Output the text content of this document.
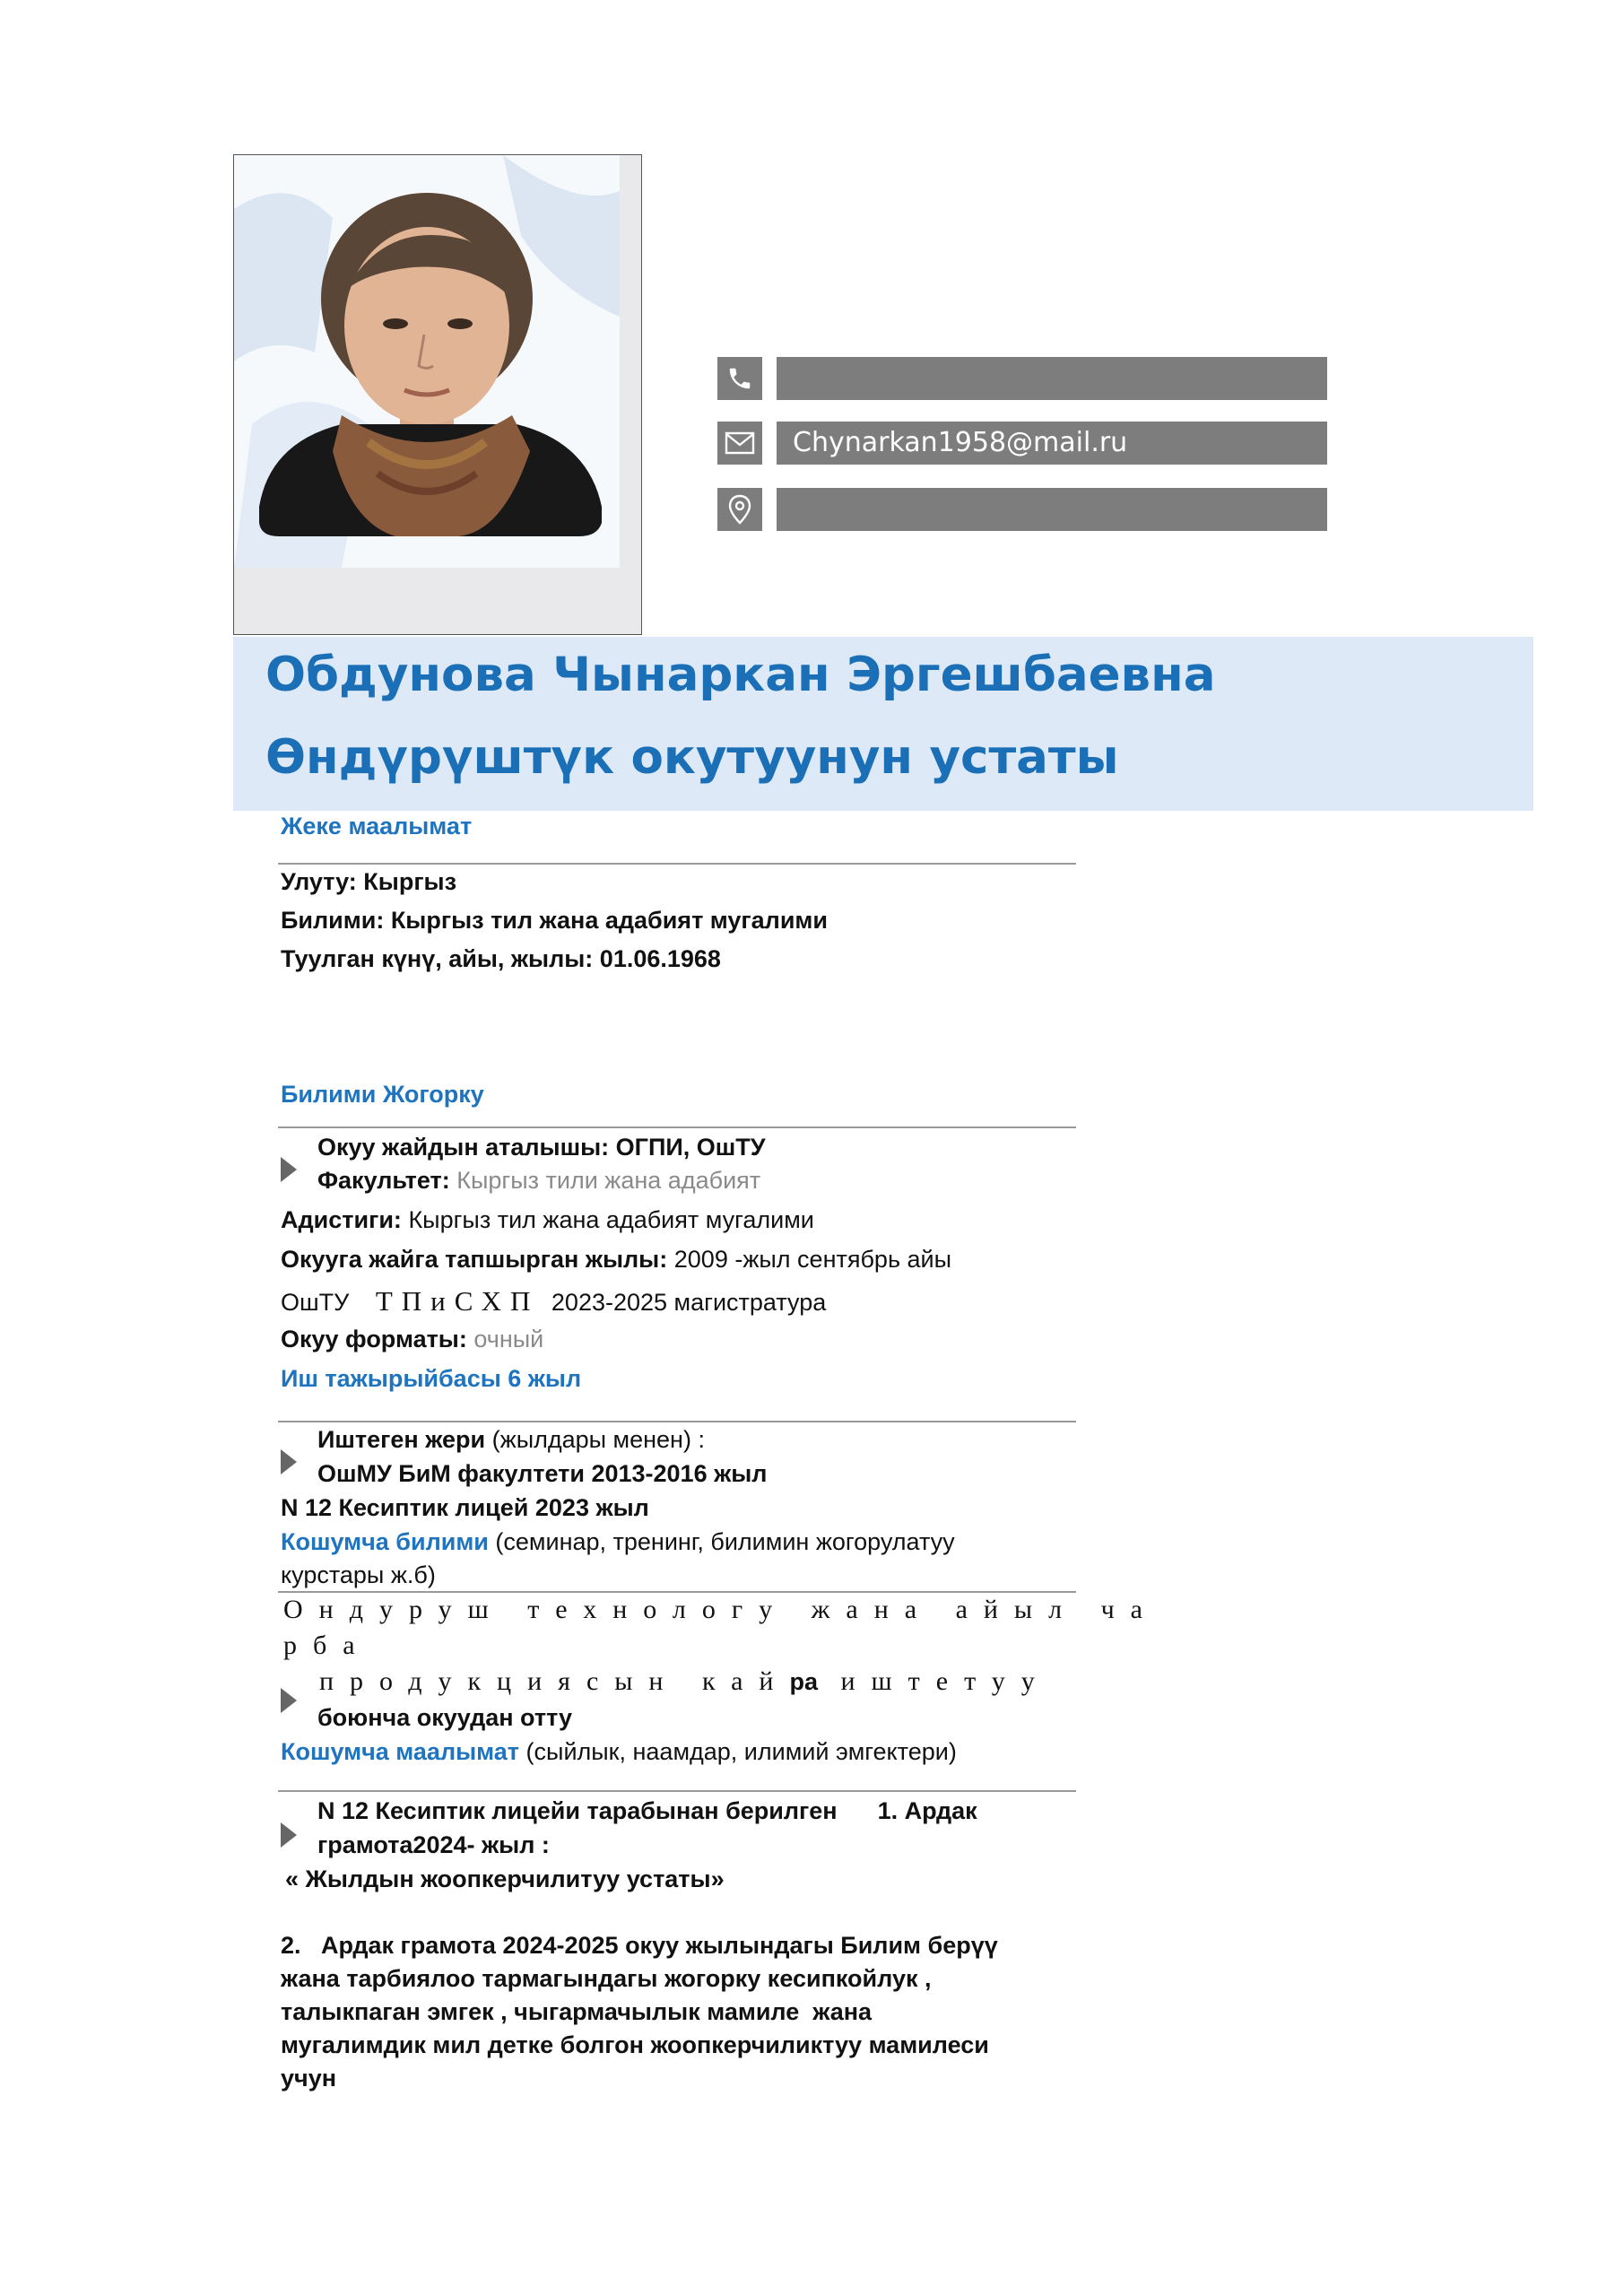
Chynarkan1958@mail.ru
Обдунова Чынаркан Эргешбаевна
Өндүрүштүк окутуунун устаты
Жеке маалымат
Улуту: Кыргыз
Билими: Кыргыз тил жана адабият мугалими
Туулган күнү, айы, жылы: 01.06.1968
Билими Жогорку
Окуу жайдын аталышы: ОГПИ, ОшТУ
Факультет: Кыргыз тили жана адабият
Адистиги: Кыргыз тил жана адабият мугалими
Окууга жайга тапшырган жылы: 2009 -жыл сентябрь айы
ОшТУ ТПиСХП 2023-2025 магистратура
Окуу форматы: очный
Иш тажырыйбасы 6 жыл
Иштеген жери (жылдары менен) :
ОшМУ БиМ факултети 2013-2016 жыл
N 12 Кесиптик лицей 2023 жыл
Кошумча билими (семинар, тренинг, билимин жогорулатуу
курстары ж.б)
Ондуруш технологу жана айыл ча
рба
продукциясын кайра иштетуу
боюнча окуудан отту
Кошумча маалымат (сыйлык, наамдар, илимий эмгектери)
N 12 Кесиптик лицейи тарабынан берилген      1. Ардак
грамота2024- жыл :
« Жылдын жоопкерчилитуу устаты»
2.   Ардак грамота 2024-2025 окуу жылындагы Билим берүү
жана тарбиялоо тармагындагы жогорку кесипкойлук ,
талыкпаган эмгек , чыгармачылык мамиле  жана
мугалимдик мил детке болгон жоопкерчиликтуу мамилеси
учун
